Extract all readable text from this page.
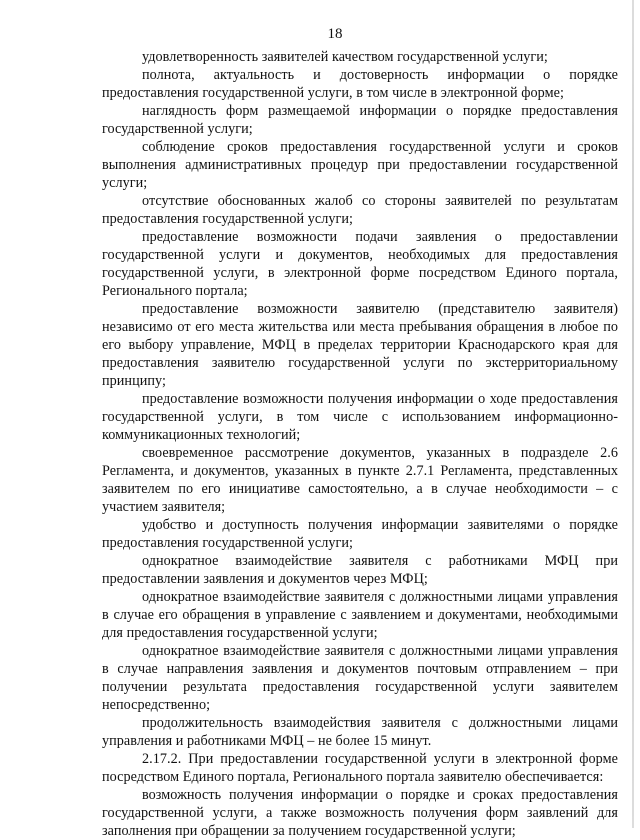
18

удовлетворенность заявителей качеством государственной услуги;

полнота, актуальность и достоверность информации о порядке предоставления государственной услуги, в том числе в электронной форме;

наглядность форм размещаемой информации о порядке предоставления государственной услуги;

соблюдение сроков предоставления государственной услуги и сроков выполнения административных процедур при предоставлении государственной услуги;

отсутствие обоснованных жалоб со стороны заявителей по результатам предоставления государственной услуги;

предоставление возможности подачи заявления о предоставлении государственной услуги и документов, необходимых для предоставления государственной услуги, в электронной форме посредством Единого портала, Регионального портала;

предоставление возможности заявителю (представителю заявителя) независимо от его места жительства или места пребывания обращения в любое по его выбору управление, МФЦ в пределах территории Краснодарского края для предоставления заявителю государственной услуги по экстерриториальному принципу;

предоставление возможности получения информации о ходе предоставления государственной услуги, в том числе с использованием информационно-коммуникационных технологий;

своевременное рассмотрение документов, указанных в подразделе 2.6 Регламента, и документов, указанных в пункте 2.7.1 Регламента, представленных заявителем по его инициативе самостоятельно, а в случае необходимости – с участием заявителя;

удобство и доступность получения информации заявителями о порядке предоставления государственной услуги;

однократное взаимодействие заявителя с работниками МФЦ при предоставлении заявления и документов через МФЦ;

однократное взаимодействие заявителя с должностными лицами управления в случае его обращения в управление с заявлением и документами, необходимыми для предоставления государственной услуги;

однократное взаимодействие заявителя с должностными лицами управления в случае направления заявления и документов почтовым отправлением – при получении результата предоставления государственной услуги заявителем непосредственно;

продолжительность взаимодействия заявителя с должностными лицами управления и работниками МФЦ – не более 15 минут.

2.17.2. При предоставлении государственной услуги в электронной форме посредством Единого портала, Регионального портала заявителю обеспечивается:

возможность получения информации о порядке и сроках предоставления государственной услуги, а также возможность получения форм заявлений для заполнения при обращении за получением государственной услуги;
